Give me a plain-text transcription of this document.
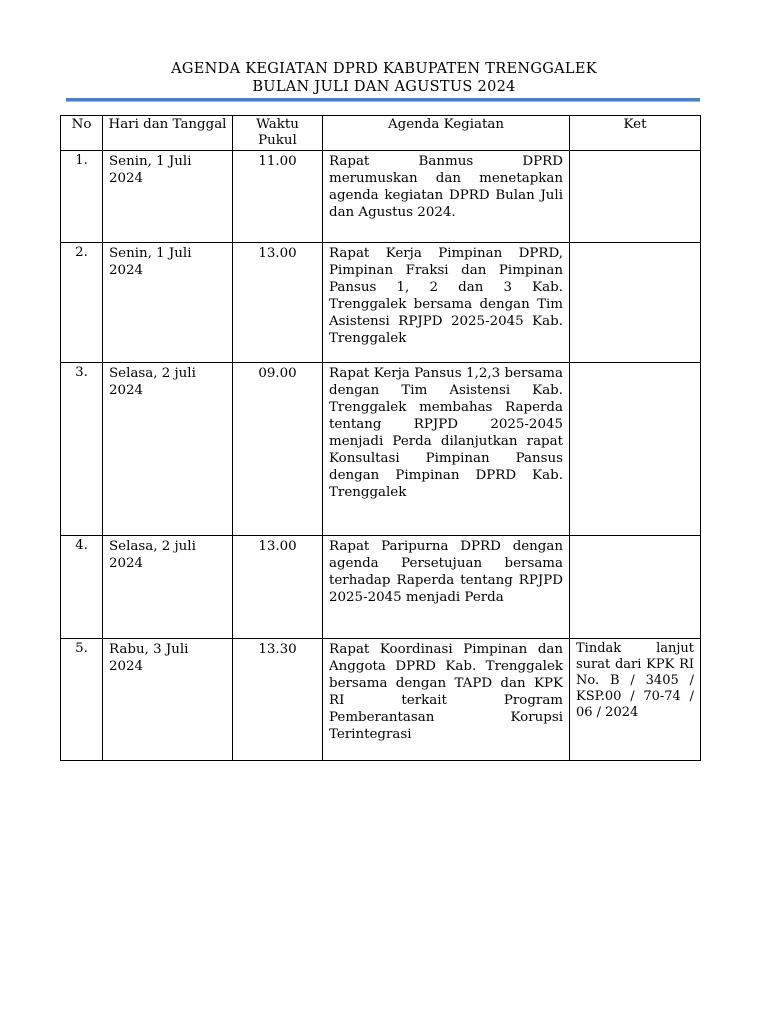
AGENDA KEGIATAN DPRD KABUPATEN TRENGGALEK
BULAN JULI DAN AGUSTUS 2024
No	Hari dan Tanggal	Waktu Pukul	Agenda Kegiatan	Ket
1.	Senin, 1 Juli 2024	11.00	Rapat Banmus DPRD merumuskan dan menetapkan agenda kegiatan DPRD Bulan Juli dan Agustus 2024.	
2.	Senin, 1 Juli 2024	13.00	Rapat Kerja Pimpinan DPRD, Pimpinan Fraksi dan Pimpinan Pansus 1, 2 dan 3 Kab. Trenggalek bersama dengan Tim Asistensi RPJPD 2025-2045 Kab. Trenggalek	
3.	Selasa, 2 juli 2024	09.00	Rapat Kerja Pansus 1,2,3 bersama dengan Tim Asistensi Kab. Trenggalek membahas Raperda tentang RPJPD 2025-2045 menjadi Perda dilanjutkan rapat Konsultasi Pimpinan Pansus dengan Pimpinan DPRD Kab. Trenggalek	
4.	Selasa, 2 juli 2024	13.00	Rapat Paripurna DPRD dengan agenda Persetujuan bersama terhadap Raperda tentang RPJPD 2025-2045 menjadi Perda	
5.	Rabu, 3 Juli 2024	13.30	Rapat Koordinasi Pimpinan dan Anggota DPRD Kab. Trenggalek bersama dengan TAPD dan KPK RI terkait Program Pemberantasan Korupsi Terintegrasi	Tindak lanjut surat dari KPK RI No. B / 3405 / KSP.00 / 70-74 / 06 / 2024
